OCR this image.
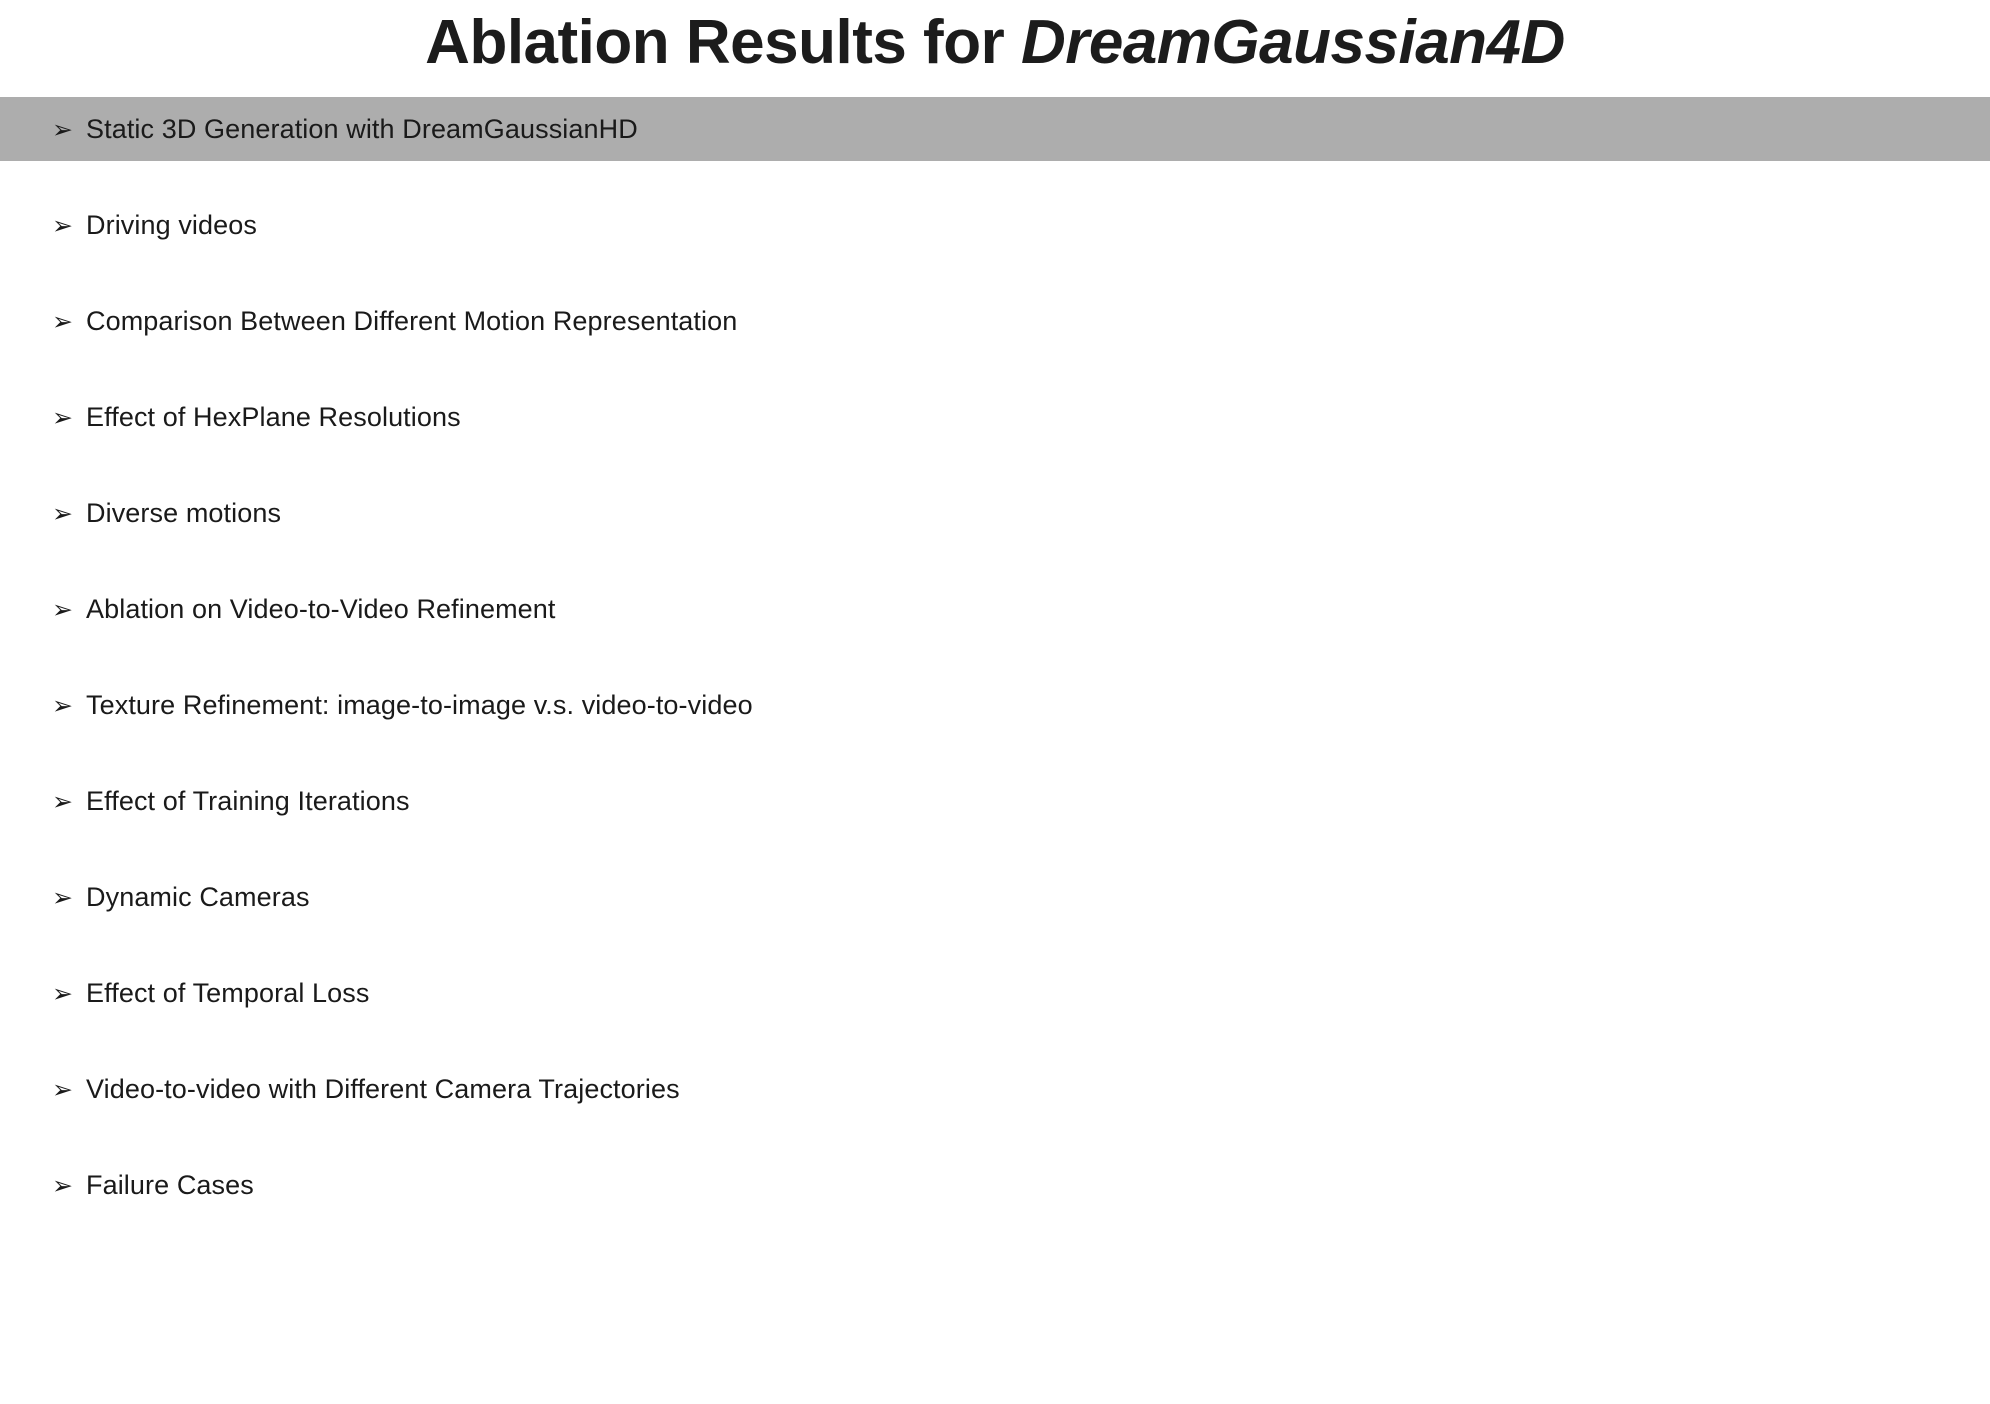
Ablation Results for DreamGaussian4D
➢ Static 3D Generation with DreamGaussianHD
➢ Driving videos
➢ Comparison Between Different Motion Representation
➢ Effect of HexPlane Resolutions
➢ Diverse motions
➢ Ablation on Video-to-Video Refinement
➢ Texture Refinement: image-to-image v.s. video-to-video
➢ Effect of Training Iterations
➢ Dynamic Cameras
➢ Effect of Temporal Loss
➢ Video-to-video with Different Camera Trajectories
➢ Failure Cases
